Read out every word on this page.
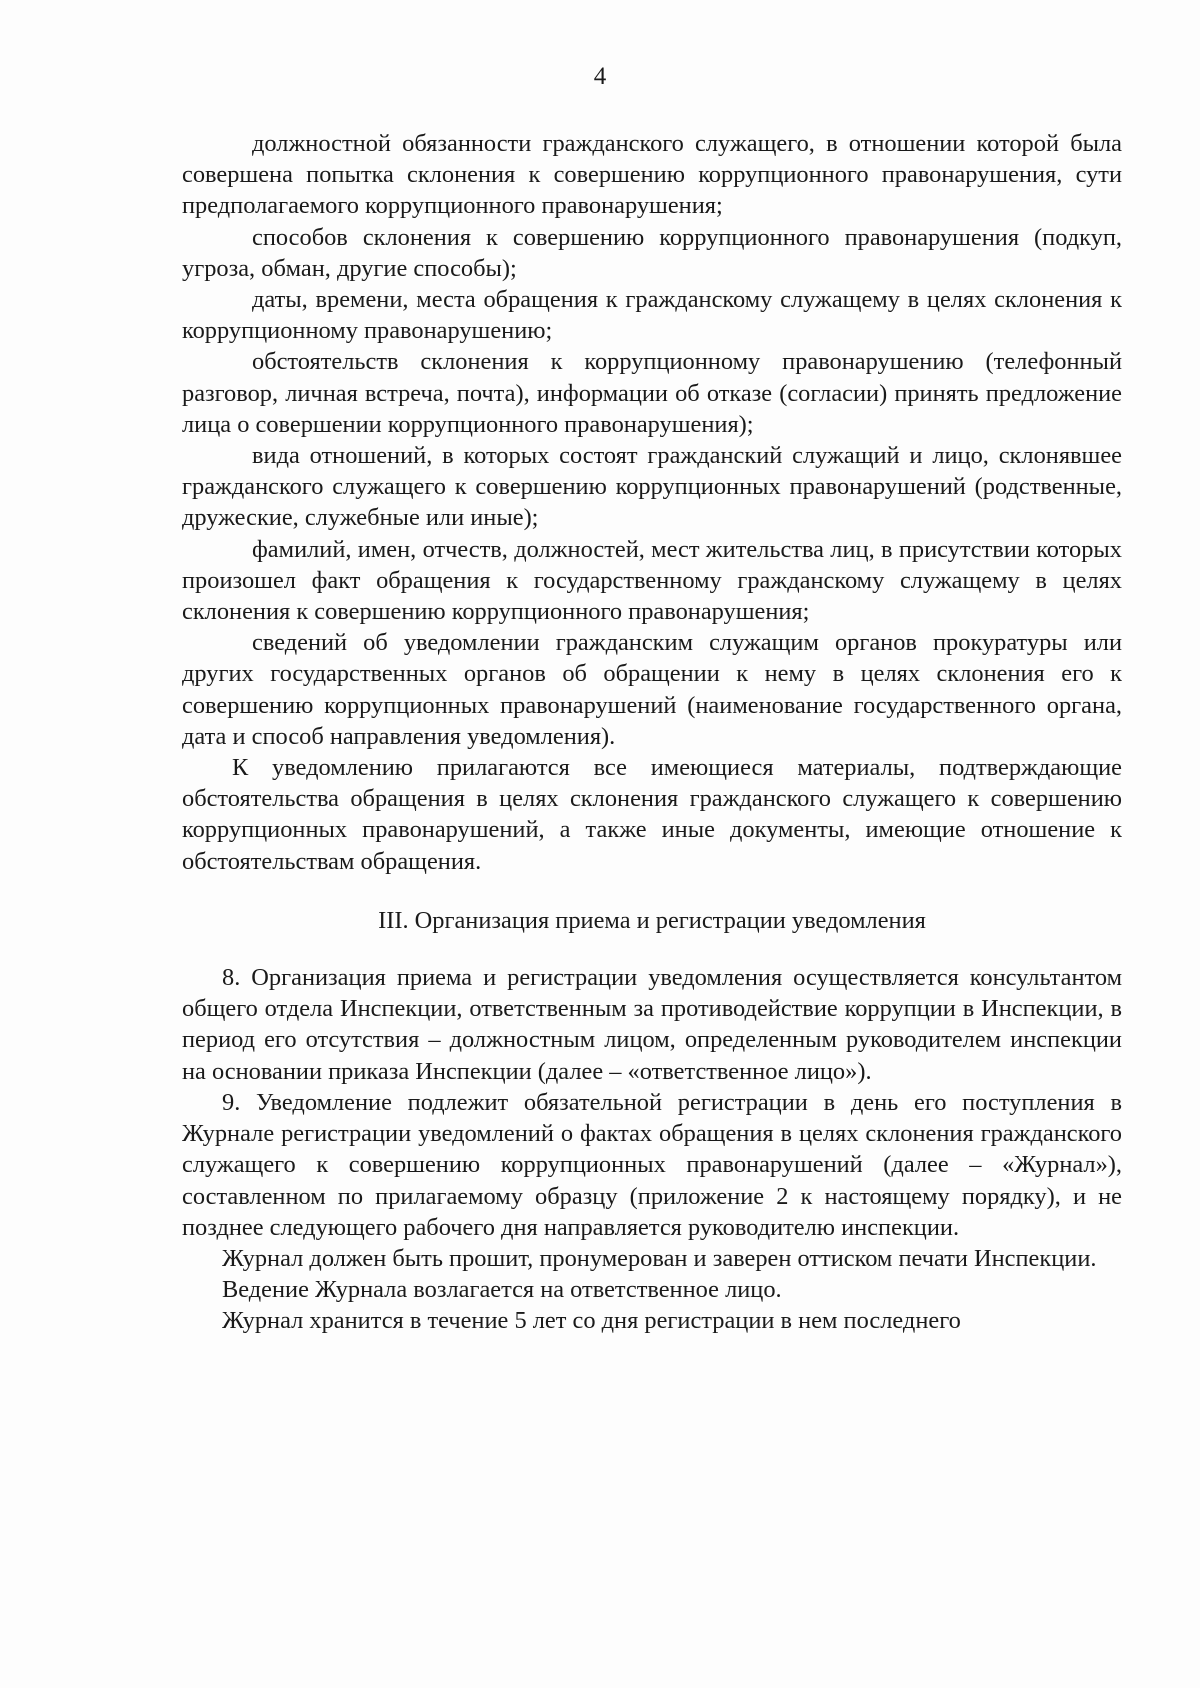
4

должностной обязанности гражданского служащего, в отношении которой была совершена попытка склонения к совершению коррупционного правонарушения, сути предполагаемого коррупционного правонарушения;

способов склонения к совершению коррупционного правонарушения (подкуп, угроза, обман, другие способы);

даты, времени, места обращения к гражданскому служащему в целях склонения к коррупционному правонарушению;

обстоятельств склонения к коррупционному правонарушению (телефонный разговор, личная встреча, почта), информации об отказе (согласии) принять предложение лица о совершении коррупционного правонарушения);

вида отношений, в которых состоят гражданский служащий и лицо, склонявшее гражданского служащего к совершению коррупционных правонарушений (родственные, дружеские, служебные или иные);

фамилий, имен, отчеств, должностей, мест жительства лиц, в присутствии которых произошел факт обращения к государственному гражданскому служащему в целях склонения к совершению коррупционного правонарушения;

сведений об уведомлении гражданским служащим органов прокуратуры или других государственных органов об обращении к нему в целях склонения его к совершению коррупционных правонарушений (наименование государственного органа, дата и способ направления уведомления).

К уведомлению прилагаются все имеющиеся материалы, подтверждающие обстоятельства обращения в целях склонения гражданского служащего к совершению коррупционных правонарушений, а также иные документы, имеющие отношение к обстоятельствам обращения.

III. Организация приема и регистрации уведомления

8. Организация приема и регистрации уведомления осуществляется консультантом общего отдела Инспекции, ответственным за противодействие коррупции в Инспекции, в период его отсутствия – должностным лицом, определенным руководителем инспекции на основании приказа Инспекции (далее – «ответственное лицо»).

9. Уведомление подлежит обязательной регистрации в день его поступления в Журнале регистрации уведомлений о фактах обращения в целях склонения гражданского служащего к совершению коррупционных правонарушений (далее – «Журнал»), составленном по прилагаемому образцу (приложение 2 к настоящему порядку), и не позднее следующего рабочего дня направляется руководителю инспекции.

Журнал должен быть прошит, пронумерован и заверен оттиском печати Инспекции.

Ведение Журнала возлагается на ответственное лицо.

Журнал хранится в течение 5 лет со дня регистрации в нем последнего
